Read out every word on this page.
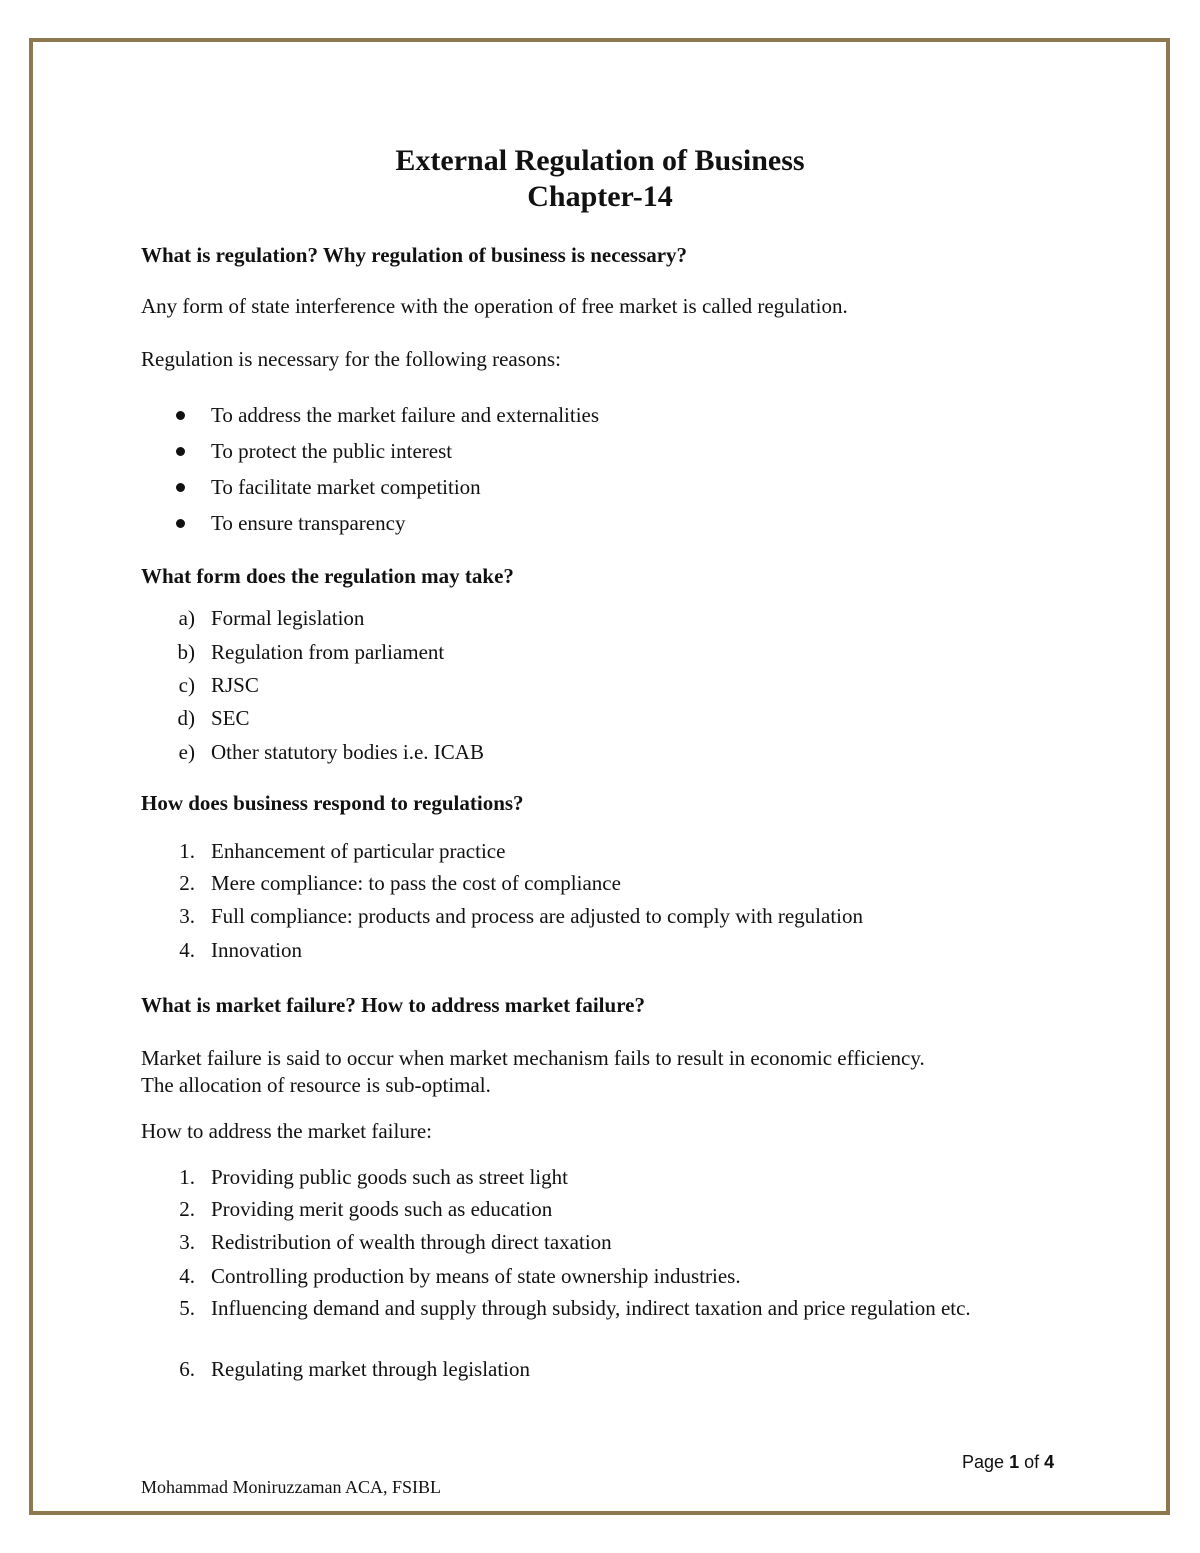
External Regulation of Business
Chapter-14
What is regulation? Why regulation of business is necessary?
Any form of state interference with the operation of free market is called regulation.
Regulation is necessary for the following reasons:
To address the market failure and externalities
To protect the public interest
To facilitate market competition
To ensure transparency
What form does the regulation may take?
a) Formal legislation
b) Regulation from parliament
c) RJSC
d) SEC
e) Other statutory bodies i.e. ICAB
How does business respond to regulations?
1. Enhancement of particular practice
2. Mere compliance: to pass the cost of compliance
3. Full compliance: products and process are adjusted to comply with regulation
4. Innovation
What is market failure? How to address market failure?
Market failure is said to occur when market mechanism fails to result in economic efficiency.
The allocation of resource is sub-optimal.
How to address the market failure:
1. Providing public goods such as street light
2. Providing merit goods such as education
3. Redistribution of wealth through direct taxation
4. Controlling production by means of state ownership industries.
5. Influencing demand and supply through subsidy, indirect taxation and price regulation etc.
6. Regulating market through legislation
Page 1 of 4
Mohammad Moniruzzaman ACA, FSIBL
